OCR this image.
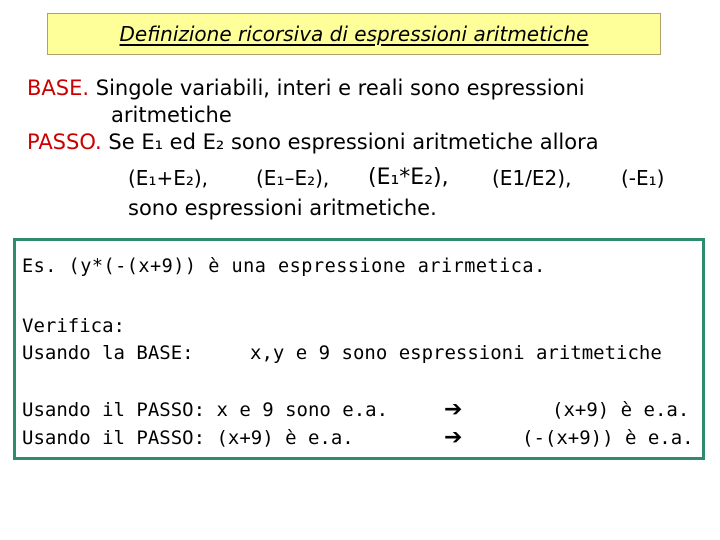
Definizione ricorsiva di espressioni aritmetiche
BASE. Singole variabili, interi e reali sono espressioni
aritmetiche
PASSO. Se E₁ ed E₂ sono espressioni aritmetiche allora
(E₁+E₂), (E₁–E₂), (E₁*E₂), (E1/E2), (-E₁)
sono espressioni aritmetiche.
Es. (y*(-(x+9)) è una espressione arirmetica.
Verifica:
Usando la BASE:	x,y e 9 sono espressioni aritmetiche
Usando il PASSO: x e 9 sono e.a.	➔	(x+9) è e.a.
Usando il PASSO: (x+9) è e.a.	➔	(-(x+9)) è e.a.
